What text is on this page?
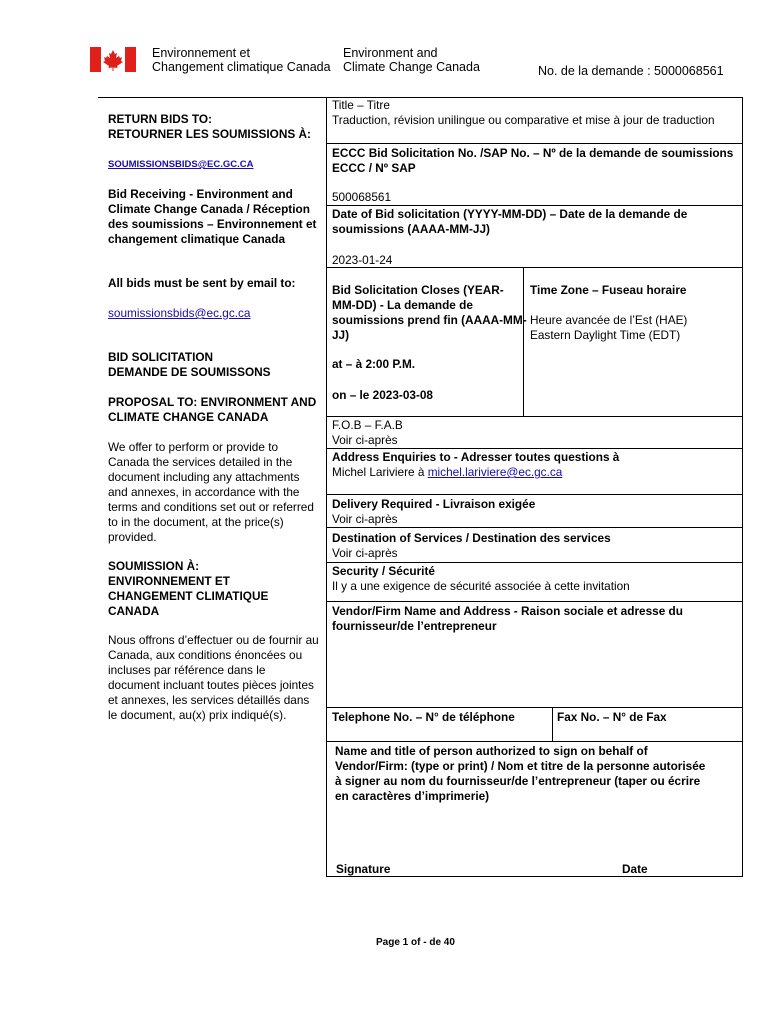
Environnement et
Changement climatique Canada
Environment and
Climate Change Canada	No. de la demande : 5000068561
RETURN BIDS TO:
RETOURNER LES SOUMISSIONS À:
SOUMISSIONSBIDS@EC.GC.CA
Bid Receiving - Environment and Climate Change Canada / Réception des soumissions – Environnement et changement climatique Canada
All bids must be sent by email to:
soumissionsbids@ec.gc.ca
BID SOLICITATION
DEMANDE DE SOUMISSONS
PROPOSAL TO: ENVIRONMENT AND CLIMATE CHANGE CANADA
We offer to perform or provide to Canada the services detailed in the document including any attachments and annexes, in accordance with the terms and conditions set out or referred to in the document, at the price(s) provided.
SOUMISSION À: ENVIRONNEMENT ET CHANGEMENT CLIMATIQUE CANADA
Nous offrons d’effectuer ou de fournir au Canada, aux conditions énoncées ou incluses par référence dans le document incluant toutes pièces jointes et annexes, les services détaillés dans le document, au(x) prix indiqué(s).
Title – Titre
Traduction, révision unilingue ou comparative et mise à jour de traduction
ECCC Bid Solicitation No. /SAP No. – Nº de la demande de soumissions ECCC / Nº SAP
500068561
Date of Bid solicitation (YYYY-MM-DD) – Date de la demande de soumissions (AAAA-MM-JJ)
2023-01-24
Bid Solicitation Closes (YEAR-MM-DD) - La demande de soumissions prend fin (AAAA-MM-JJ)
at – à 2:00 P.M.
on – le 2023-03-08
Time Zone – Fuseau horaire
Heure avancée de l’Est (HAE) Eastern Daylight Time (EDT)
F.O.B – F.A.B
Voir ci-après
Address Enquiries to - Adresser toutes questions à
Michel Lariviere à michel.lariviere@ec.gc.ca
Delivery Required - Livraison exigée
Voir ci-après
Destination of Services / Destination des services
Voir ci-après
Security / Sécurité
Il y a une exigence de sécurité associée à cette invitation
Vendor/Firm Name and Address - Raison sociale et adresse du fournisseur/de l’entrepreneur
Telephone No. – N° de téléphone	Fax No. – N° de Fax
Name and title of person authorized to sign on behalf of Vendor/Firm: (type or print) / Nom et titre de la personne autorisée à signer au nom du fournisseur/de l’entrepreneur (taper ou écrire en caractères d’imprimerie)
Signature	Date
Page 1 of - de 40
